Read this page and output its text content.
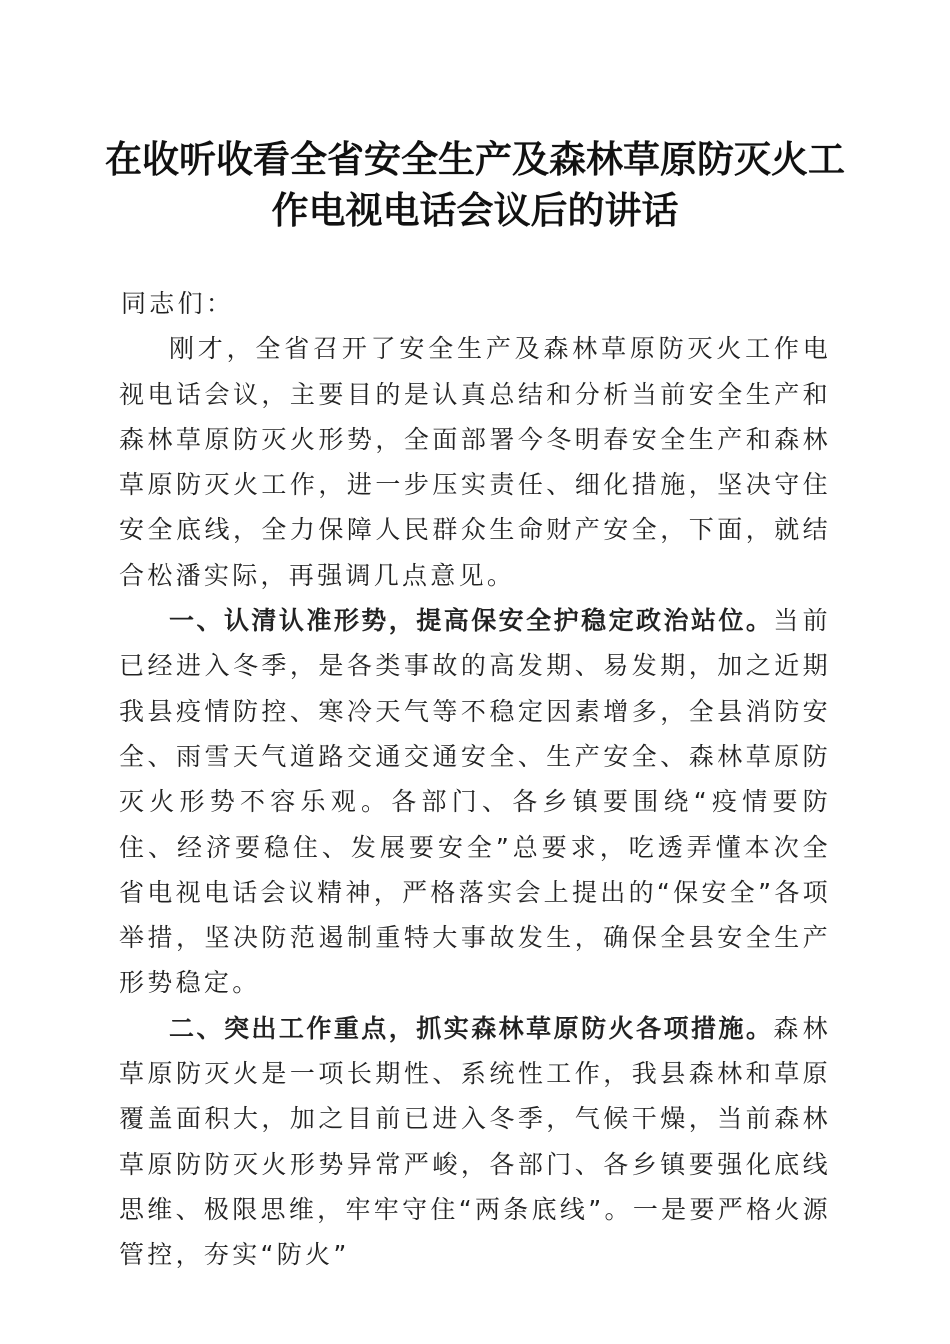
在收听收看全省安全生产及森林草原防灭火工
作电视电话会议后的讲话

同志们：

刚才，全省召开了安全生产及森林草原防灭火工作电视电话会议，主要目的是认真总结和分析当前安全生产和森林草原防灭火形势，全面部署今冬明春安全生产和森林草原防灭火工作，进一步压实责任、细化措施，坚决守住安全底线，全力保障人民群众生命财产安全，下面，就结合松潘实际，再强调几点意见。

一、认清认准形势，提高保安全护稳定政治站位。当前已经进入冬季，是各类事故的高发期、易发期，加之近期我县疫情防控、寒冷天气等不稳定因素增多，全县消防安全、雨雪天气道路交通交通安全、生产安全、森林草原防灭火形势不容乐观。各部门、各乡镇要围绕“疫情要防住、经济要稳住、发展要安全”总要求，吃透弄懂本次全省电视电话会议精神，严格落实会上提出的“保安全”各项举措，坚决防范遏制重特大事故发生，确保全县安全生产形势稳定。

二、突出工作重点，抓实森林草原防火各项措施。森林草原防灭火是一项长期性、系统性工作，我县森林和草原覆盖面积大，加之目前已进入冬季，气候干燥，当前森林草原防防灭火形势异常严峻，各部门、各乡镇要强化底线思维、极限思维，牢牢守住“两条底线”。一是要严格火源管控，夯实“防火”
